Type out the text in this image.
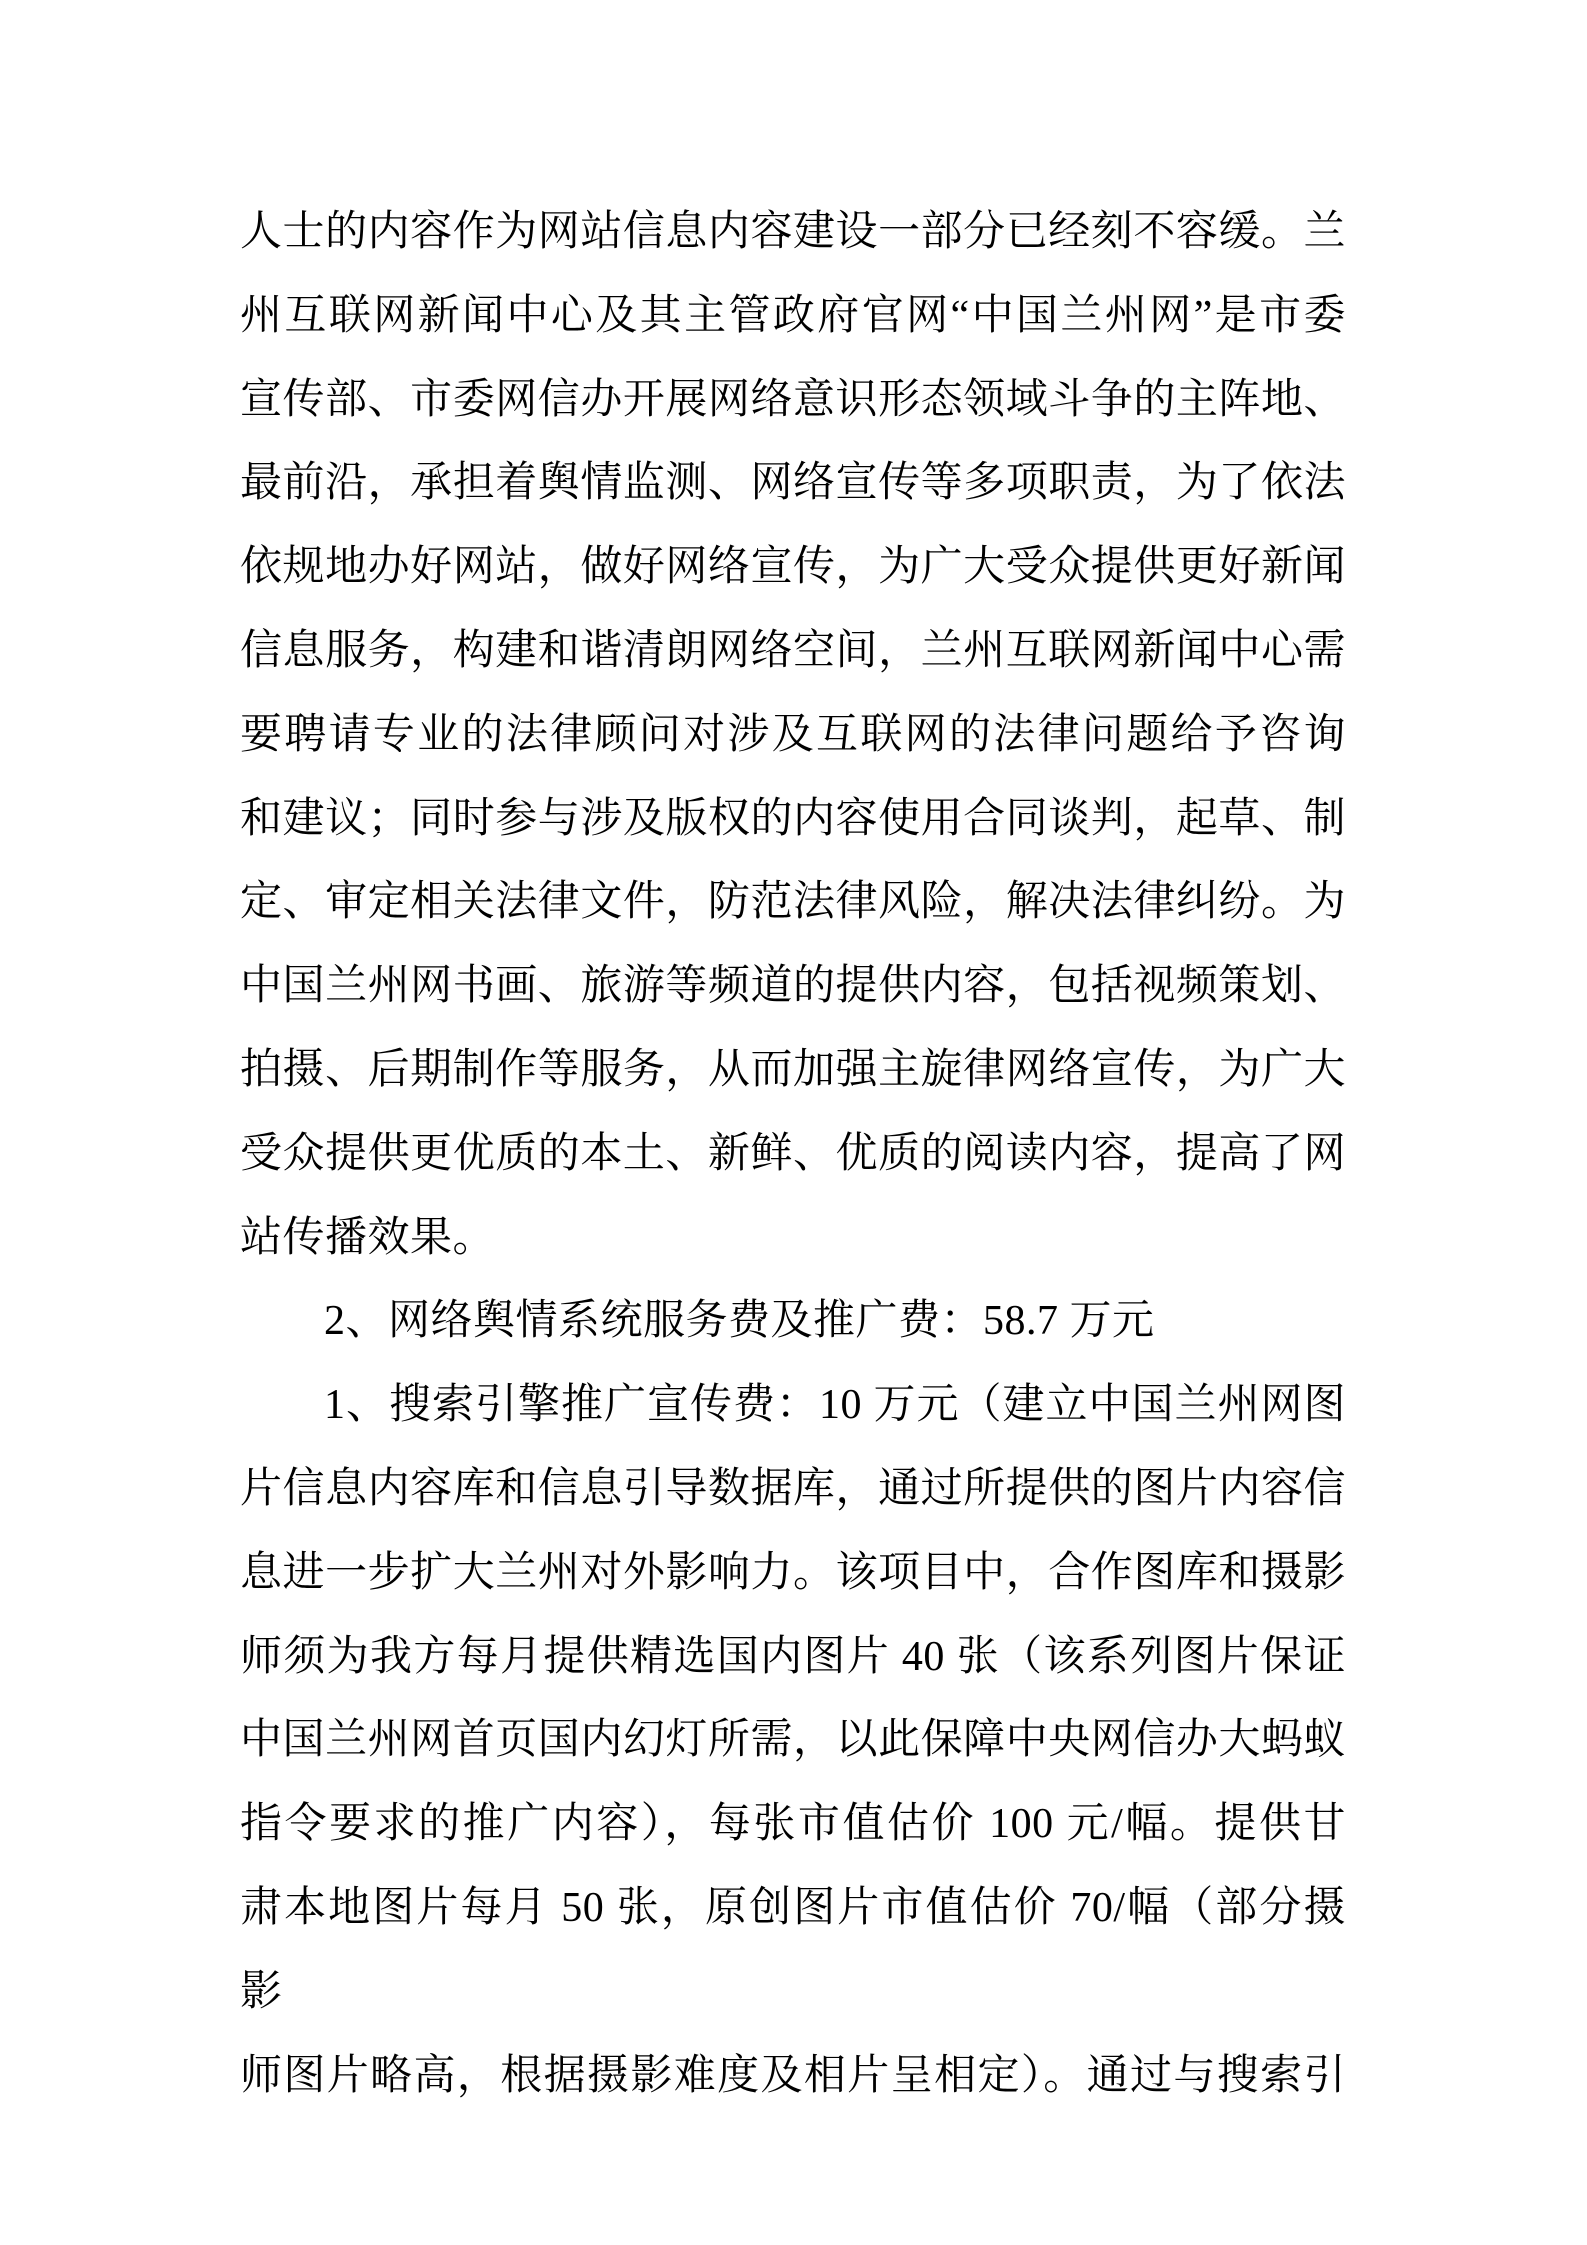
人士的内容作为网站信息内容建设一部分已经刻不容缓。兰
州互联网新闻中心及其主管政府官网“中国兰州网”是市委
宣传部、市委网信办开展网络意识形态领域斗争的主阵地、
最前沿，承担着舆情监测、网络宣传等多项职责，为了依法
依规地办好网站，做好网络宣传，为广大受众提供更好新闻
信息服务，构建和谐清朗网络空间，兰州互联网新闻中心需
要聘请专业的法律顾问对涉及互联网的法律问题给予咨询
和建议；同时参与涉及版权的内容使用合同谈判，起草、制
定、审定相关法律文件，防范法律风险，解决法律纠纷。为
中国兰州网书画、旅游等频道的提供内容，包括视频策划、
拍摄、后期制作等服务，从而加强主旋律网络宣传，为广大
受众提供更优质的本土、新鲜、优质的阅读内容，提高了网
站传播效果。
2、网络舆情系统服务费及推广费：58.7 万元
1、搜索引擎推广宣传费：10 万元（建立中国兰州网图
片信息内容库和信息引导数据库，通过所提供的图片内容信
息进一步扩大兰州对外影响力。该项目中，合作图库和摄影
师须为我方每月提供精选国内图片 40 张（该系列图片保证
中国兰州网首页国内幻灯所需，以此保障中央网信办大蚂蚁
指令要求的推广内容），每张市值估价 100 元/幅。提供甘
肃本地图片每月 50 张，原创图片市值估价 70/幅（部分摄影
师图片略高，根据摄影难度及相片呈相定）。通过与搜索引
